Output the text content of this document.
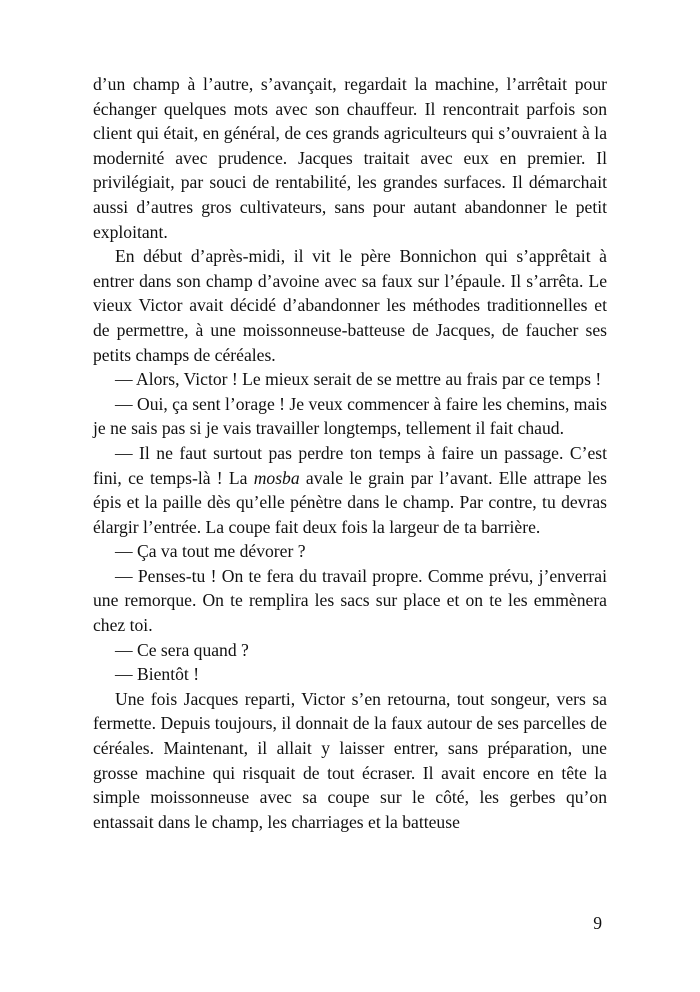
d’un champ à l’autre, s’avançait, regardait la machine, l’arrêtait pour échanger quelques mots avec son chauffeur. Il rencontrait parfois son client qui était, en général, de ces grands agriculteurs qui s’ouvraient à la modernité avec prudence. Jacques traitait avec eux en premier. Il privilégiait, par souci de rentabilité, les grandes surfaces. Il démarchait aussi d’autres gros cultivateurs, sans pour autant abandonner le petit exploitant.

En début d’après-midi, il vit le père Bonnichon qui s’apprêtait à entrer dans son champ d’avoine avec sa faux sur l’épaule. Il s’arrêta. Le vieux Victor avait décidé d’abandonner les méthodes traditionnelles et de permettre, à une moissonneuse-batteuse de Jacques, de faucher ses petits champs de céréales.

— Alors, Victor ! Le mieux serait de se mettre au frais par ce temps !

— Oui, ça sent l’orage ! Je veux commencer à faire les chemins, mais je ne sais pas si je vais travailler longtemps, tellement il fait chaud.

— Il ne faut surtout pas perdre ton temps à faire un passage. C’est fini, ce temps-là ! La mosba avale le grain par l’avant. Elle attrape les épis et la paille dès qu’elle pénètre dans le champ. Par contre, tu devras élargir l’entrée. La coupe fait deux fois la largeur de ta barrière.

— Ça va tout me dévorer ?

— Penses-tu ! On te fera du travail propre. Comme prévu, j’enverrai une remorque. On te remplira les sacs sur place et on te les emmènera chez toi.

— Ce sera quand ?

— Bientôt !

Une fois Jacques reparti, Victor s’en retourna, tout songeur, vers sa fermette. Depuis toujours, il donnait de la faux autour de ses parcelles de céréales. Maintenant, il allait y laisser entrer, sans préparation, une grosse machine qui risquait de tout écraser. Il avait encore en tête la simple moissonneuse avec sa coupe sur le côté, les gerbes qu’on entassait dans le champ, les charriages et la batteuse

9
